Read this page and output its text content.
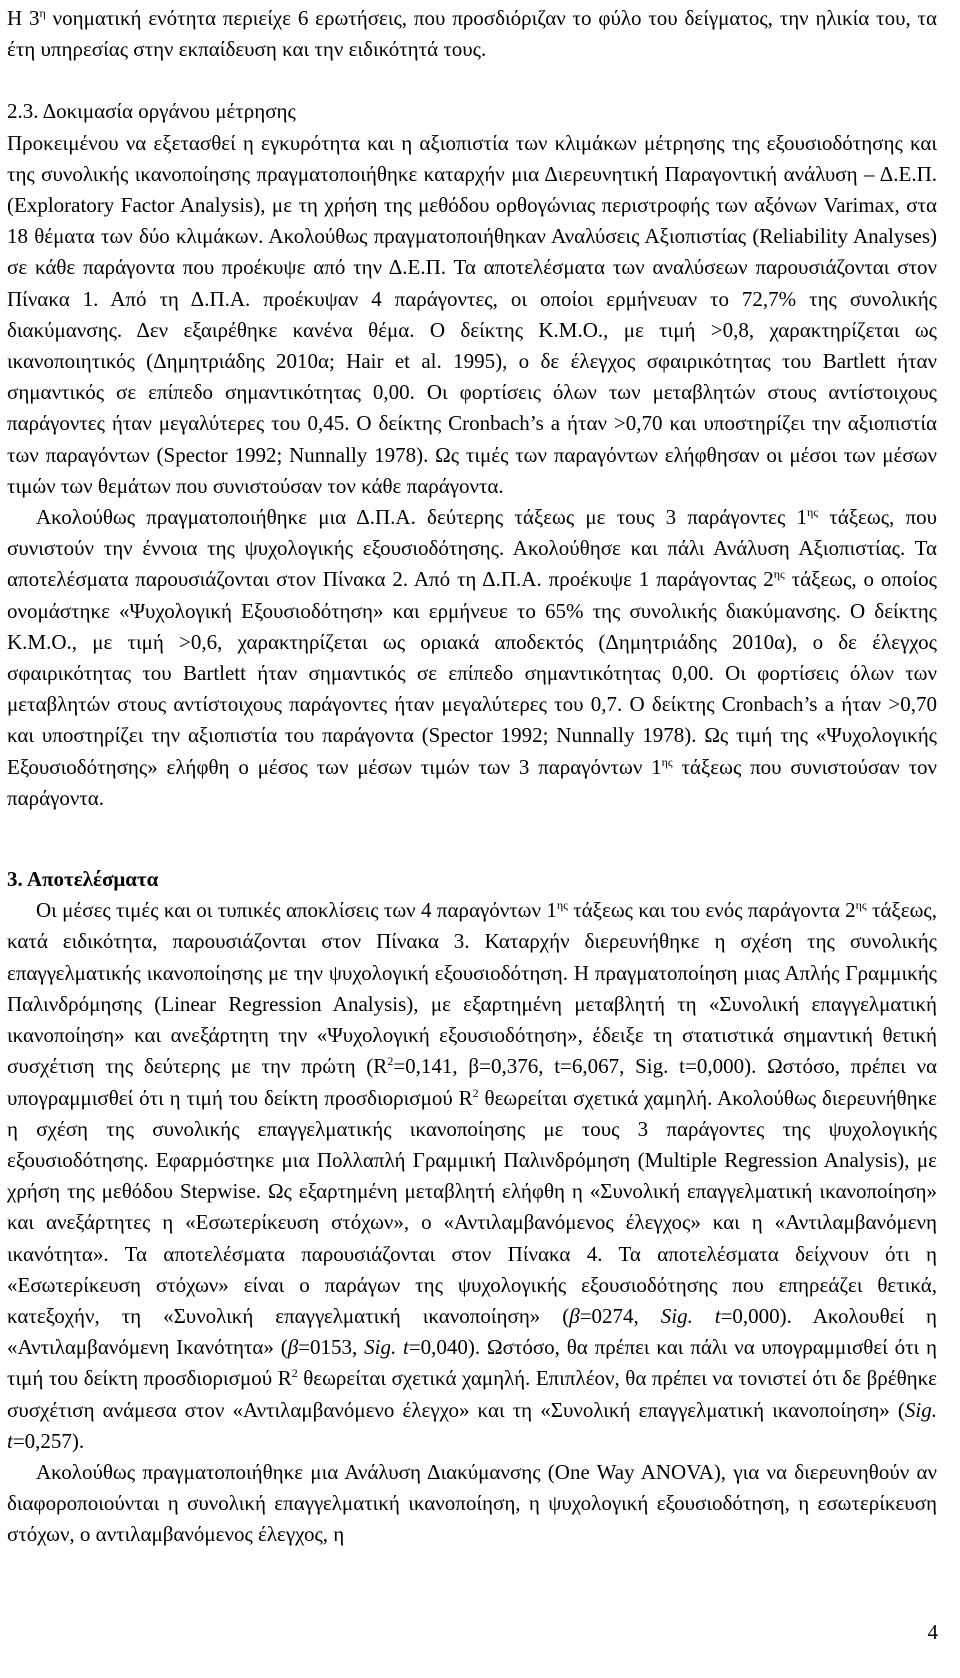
Η $3^\eta$ νοηματική ενότητα περιείχε 6 ερωτήσεις, που προσδιόριζαν το φύλο του δείγματος, την ηλικία του, τα έτη υπηρεσίας στην εκπαίδευση και την ειδικότητά τους.

2.3. Δοκιμασία οργάνου μέτρησης

Προκειμένου να εξετασθεί η εγκυρότητα και η αξιοπιστία των κλιμάκων μέτρησης της εξουσιοδότησης και της συνολικής ικανοποίησης πραγματοποιήθηκε καταρχήν μια Διερευνητική Παραγοντική ανάλυση – Δ.Ε.Π. (Exploratory Factor Analysis), με τη χρήση της μεθόδου ορθογώνιας περιστροφής των αξόνων Varimax, στα 18 θέματα των δύο κλιμάκων. Ακολούθως πραγματοποιήθηκαν Αναλύσεις Αξιοπιστίας (Reliability Analyses) σε κάθε παράγοντα που προέκυψε από την Δ.Ε.Π. Τα αποτελέσματα των αναλύσεων παρουσιάζονται στον Πίνακα 1. Από τη Δ.Π.Α. προέκυψαν 4 παράγοντες, οι οποίοι ερμήνευαν το 72,7% της συνολικής διακύμανσης. Δεν εξαιρέθηκε κανένα θέμα. Ο δείκτης Κ.Μ.Ο., με τιμή >0,8, χαρακτηρίζεται ως ικανοποιητικός (Δημητριάδης 2010α; Hair et al. 1995), ο δε έλεγχος σφαιρικότητας του Bartlett ήταν σημαντικός σε επίπεδο σημαντικότητας 0,00. Οι φορτίσεις όλων των μεταβλητών στους αντίστοιχους παράγοντες ήταν μεγαλύτερες του 0,45. Ο δείκτης Cronbach’s a ήταν >0,70 και υποστηρίζει την αξιοπιστία των παραγόντων (Spector 1992; Nunnally 1978). Ως τιμές των παραγόντων ελήφθησαν οι μέσοι των μέσων τιμών των θεμάτων που συνιστούσαν τον κάθε παράγοντα.

Ακολούθως πραγματοποιήθηκε μια Δ.Π.Α. δεύτερης τάξεως με τους 3 παράγοντες $1^{\eta\varsigma}$ τάξεως, που συνιστούν την έννοια της ψυχολογικής εξουσιοδότησης. Ακολούθησε και πάλι Ανάλυση Αξιοπιστίας. Τα αποτελέσματα παρουσιάζονται στον Πίνακα 2. Από τη Δ.Π.Α. προέκυψε 1 παράγοντας $2^{\eta\varsigma}$ τάξεως, ο οποίος ονομάστηκε «Ψυχολογική Εξουσιοδότηση» και ερμήνευε το 65% της συνολικής διακύμανσης. Ο δείκτης Κ.Μ.Ο., με τιμή >0,6, χαρακτηρίζεται ως οριακά αποδεκτός (Δημητριάδης 2010α), ο δε έλεγχος σφαιρικότητας του Bartlett ήταν σημαντικός σε επίπεδο σημαντικότητας 0,00. Οι φορτίσεις όλων των μεταβλητών στους αντίστοιχους παράγοντες ήταν μεγαλύτερες του 0,7. Ο δείκτης Cronbach’s a ήταν >0,70 και υποστηρίζει την αξιοπιστία του παράγοντα (Spector 1992; Nunnally 1978). Ως τιμή της «Ψυχολογικής Εξουσιοδότησης» ελήφθη ο μέσος των μέσων τιμών των 3 παραγόντων $1^{\eta\varsigma}$ τάξεως που συνιστούσαν τον παράγοντα.

3. Αποτελέσματα

Οι μέσες τιμές και οι τυπικές αποκλίσεις των 4 παραγόντων $1^{\eta\varsigma}$ τάξεως και του ενός παράγοντα $2^{\eta\varsigma}$ τάξεως, κατά ειδικότητα, παρουσιάζονται στον Πίνακα 3. Καταρχήν διερευνήθηκε η σχέση της συνολικής επαγγελματικής ικανοποίησης με την ψυχολογική εξουσιοδότηση. Η πραγματοποίηση μιας Απλής Γραμμικής Παλινδρόμησης (Linear Regression Analysis), με εξαρτημένη μεταβλητή τη «Συνολική επαγγελματική ικανοποίηση» και ανεξάρτητη την «Ψυχολογική εξουσιοδότηση», έδειξε τη στατιστικά σημαντική θετική συσχέτιση της δεύτερης με την πρώτη ($R^2=0,141$, β=0,376, t=6,067, Sig. t=0,000). Ωστόσο, πρέπει να υπογραμμισθεί ότι η τιμή του δείκτη προσδιορισμού $R^2$ θεωρείται σχετικά χαμηλή. Ακολούθως διερευνήθηκε η σχέση της συνολικής επαγγελματικής ικανοποίησης με τους 3 παράγοντες της ψυχολογικής εξουσιοδότησης. Εφαρμόστηκε μια Πολλαπλή Γραμμική Παλινδρόμηση (Multiple Regression Analysis), με χρήση της μεθόδου Stepwise. Ως εξαρτημένη μεταβλητή ελήφθη η «Συνολική επαγγελματική ικανοποίηση» και ανεξάρτητες η «Εσωτερίκευση στόχων», ο «Αντιλαμβανόμενος έλεγχος» και η «Αντιλαμβανόμενη ικανότητα». Τα αποτελέσματα παρουσιάζονται στον Πίνακα 4. Τα αποτελέσματα δείχνουν ότι η «Εσωτερίκευση στόχων» είναι ο παράγων της ψυχολογικής εξουσιοδότησης που επηρεάζει θετικά, κατεξοχήν, τη «Συνολική επαγγελματική ικανοποίηση» (β=0274, Sig. t=0,000). Ακολουθεί η «Αντιλαμβανόμενη Ικανότητα» (β=0153, Sig. t=0,040). Ωστόσο, θα πρέπει και πάλι να υπογραμμισθεί ότι η τιμή του δείκτη προσδιορισμού $R^2$ θεωρείται σχετικά χαμηλή. Επιπλέον, θα πρέπει να τονιστεί ότι δε βρέθηκε συσχέτιση ανάμεσα στον «Αντιλαμβανόμενο έλεγχο» και τη «Συνολική επαγγελματική ικανοποίηση» (Sig. t=0,257).

Ακολούθως πραγματοποιήθηκε μια Ανάλυση Διακύμανσης (One Way ANOVA), για να διερευνηθούν αν διαφοροποιούνται η συνολική επαγγελματική ικανοποίηση, η ψυχολογική εξουσιοδότηση, η εσωτερίκευση στόχων, ο αντιλαμβανόμενος έλεγχος, η

4
